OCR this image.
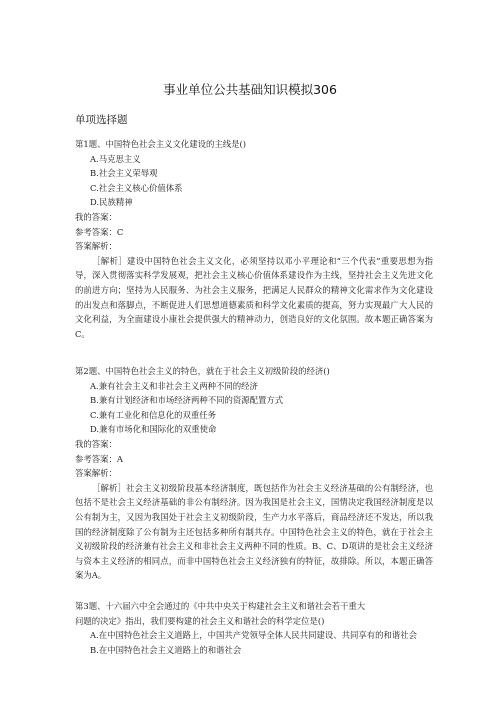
事业单位公共基础知识模拟306
单项选择题
第1题、中国特色社会主义文化建设的主线是()
A.马克思主义
B.社会主义荣辱观
C.社会主义核心价值体系
D.民族精神
我的答案：
参考答案：C
答案解析：
［解析］建设中国特色社会主义文化，必须坚持以邓小平理论和“三个代表”重要思想为指导，深入贯彻落实科学发展观，把社会主义核心价值体系建设作为主线，坚持社会主义先进文化的前进方向；坚持为人民服务、为社会主义服务，把满足人民群众的精神文化需求作为文化建设的出发点和落脚点，不断促进人们思想道德素质和科学文化素质的提高，努力实现最广大人民的文化利益，为全面建设小康社会提供强大的精神动力，创造良好的文化氛围。故本题正确答案为C。
第2题、中国特色社会主义的特色，就在于社会主义初级阶段的经济()
A.兼有社会主义和非社会主义两种不同的经济
B.兼有计划经济和市场经济两种不同的资源配置方式
C.兼有工业化和信息化的双重任务
D.兼有市场化和国际化的双重使命
我的答案：
参考答案：A
答案解析：
［解析］社会主义初级阶段基本经济制度，既包括作为社会主义经济基础的公有制经济，也包括不是社会主义经济基础的非公有制经济。因为我国是社会主义，国情决定我国经济制度是以公有制为主，又因为我国处于社会主义初级阶段，生产力水平落后，商品经济还不发达，所以我国的经济制度除了公有制为主还包括多种所有制共存。中国特色社会主义的特色，就在于社会主义初级阶段的经济兼有社会主义和非社会主义两种不同的性质。B、C、D项讲的是社会主义经济与资本主义经济的相同点，而非中国特色社会主义经济独有的特征，故排除。所以，本题正确答案为A。
第3题、十六届六中全会通过的《中共中央关于构建社会主义和谐社会若干重大
问题的决定》指出，我们要构建的社会主义和谐社会的科学定位是()
A.在中国特色社会主义道路上，中国共产党领导全体人民共同建设、共同享有的和谐社会
B.在中国特色社会主义道路上的和谐社会
